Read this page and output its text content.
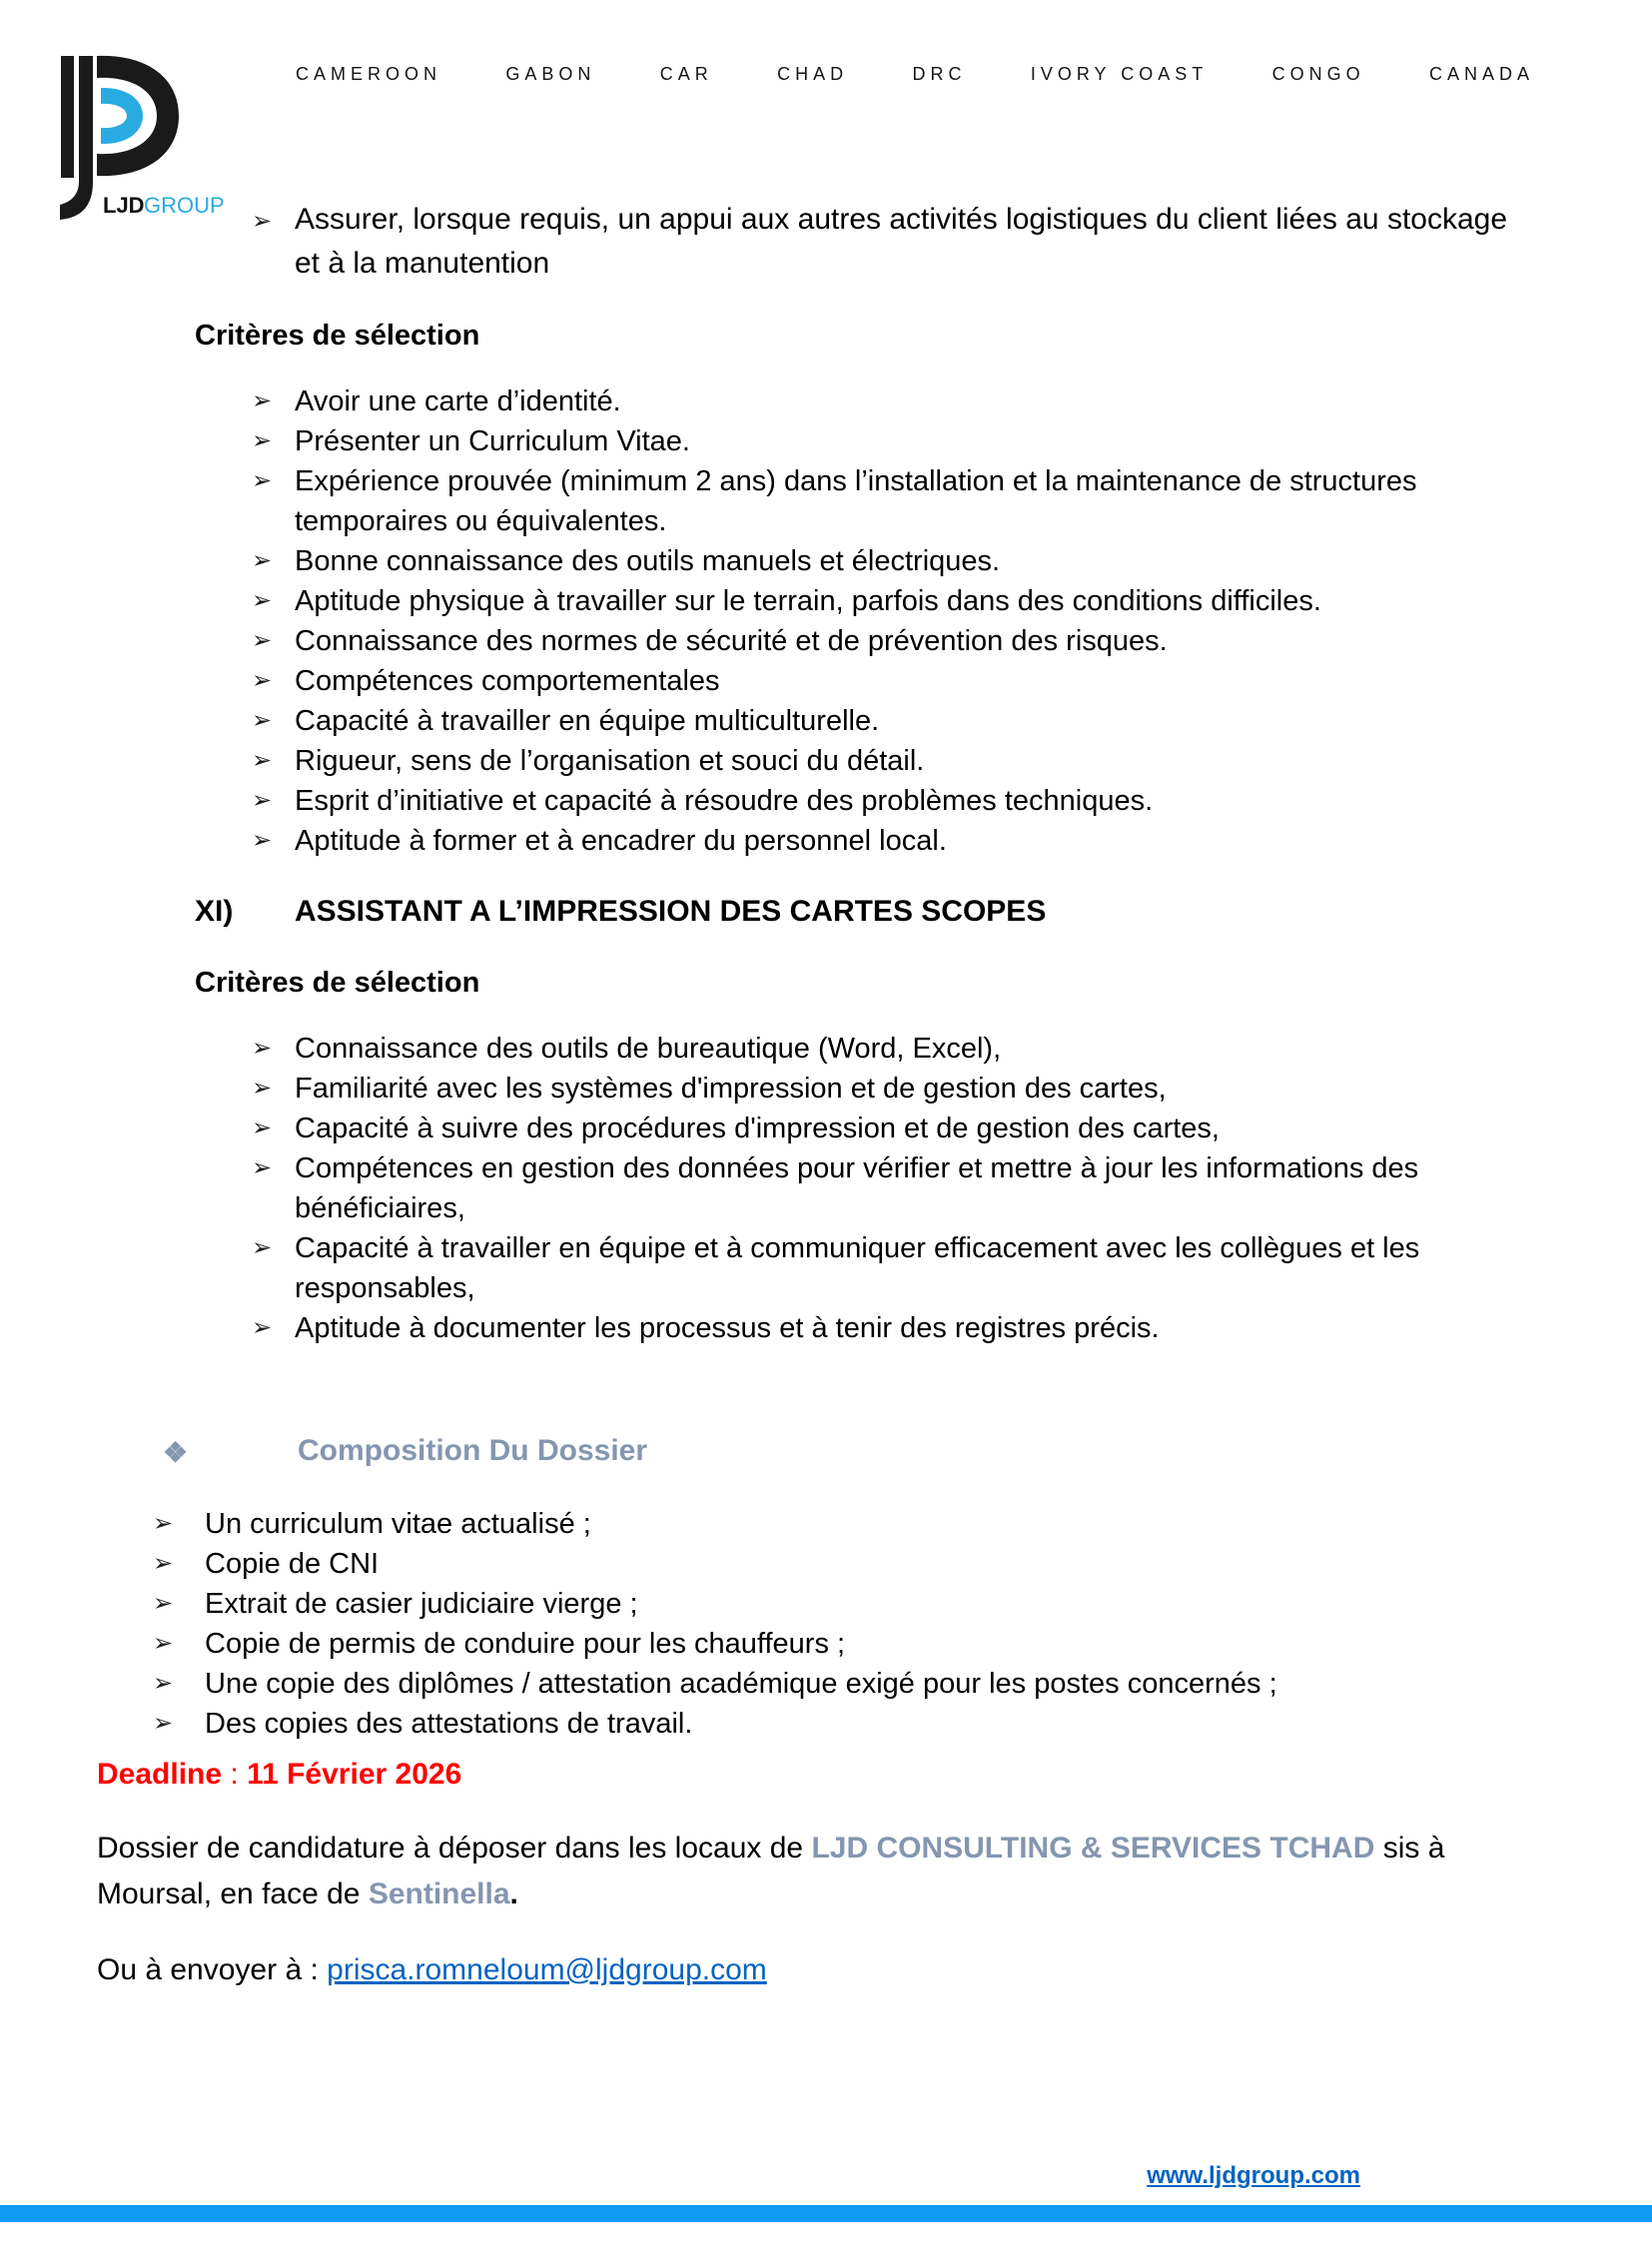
LJD GROUP
CAMEROON	GABON	CAR	CHAD	DRC	IVORY COAST	CONGO	CANADA
➢ Assurer, lorsque requis, un appui aux autres activités logistiques du client liées au stockage et à la manutention
Critères de sélection
➢ Avoir une carte d’identité.
➢ Présenter un Curriculum Vitae.
➢ Expérience prouvée (minimum 2 ans) dans l’installation et la maintenance de structures temporaires ou équivalentes.
➢ Bonne connaissance des outils manuels et électriques.
➢ Aptitude physique à travailler sur le terrain, parfois dans des conditions difficiles.
➢ Connaissance des normes de sécurité et de prévention des risques.
➢ Compétences comportementales
➢ Capacité à travailler en équipe multiculturelle.
➢ Rigueur, sens de l’organisation et souci du détail.
➢ Esprit d’initiative et capacité à résoudre des problèmes techniques.
➢ Aptitude à former et à encadrer du personnel local.
XI)	ASSISTANT A L’IMPRESSION DES CARTES SCOPES
Critères de sélection
➢ Connaissance des outils de bureautique (Word, Excel),
➢ Familiarité avec les systèmes d'impression et de gestion des cartes,
➢ Capacité à suivre des procédures d'impression et de gestion des cartes,
➢ Compétences en gestion des données pour vérifier et mettre à jour les informations des bénéficiaires,
➢ Capacité à travailler en équipe et à communiquer efficacement avec les collègues et les responsables,
➢ Aptitude à documenter les processus et à tenir des registres précis.
❖	Composition Du Dossier
➢ Un curriculum vitae actualisé ;
➢ Copie de CNI
➢ Extrait de casier judiciaire vierge ;
➢ Copie de permis de conduire pour les chauffeurs ;
➢ Une copie des diplômes / attestation académique exigé pour les postes concernés ;
➢ Des copies des attestations de travail.
Deadline : 11 Février 2026
Dossier de candidature à déposer dans les locaux de LJD CONSULTING & SERVICES TCHAD sis à Moursal, en face de Sentinella.
Ou à envoyer à : prisca.romneloum@ljdgroup.com
www.ljdgroup.com
